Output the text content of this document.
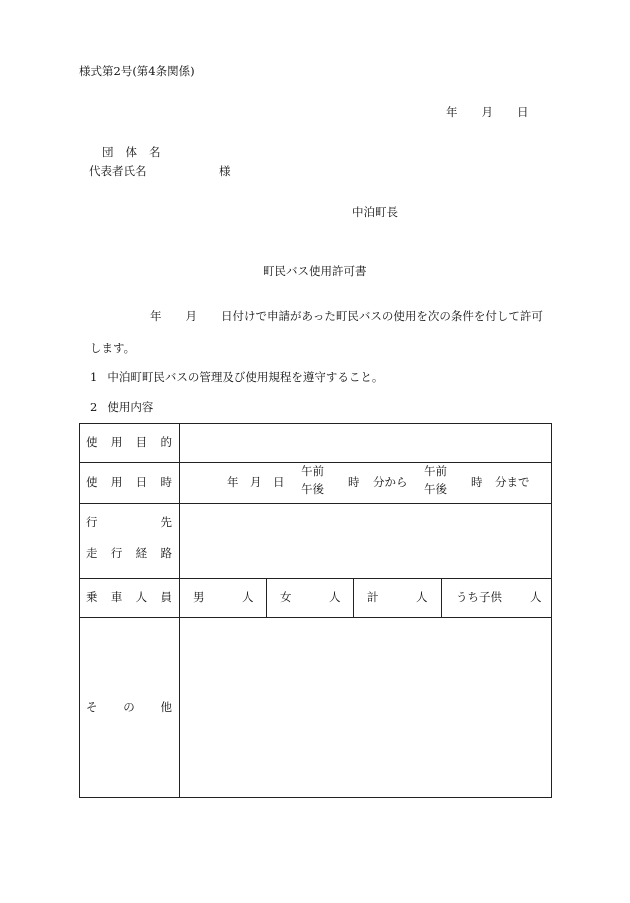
様式第2号(第4条関係)
年 月 日
団 体 名
代表者氏名	様
中泊町長
町民バス使用許可書
年 月 日付けで申請があった町民バスの使用を次の条件を付して許可
します。
1 中泊町町民バスの管理及び使用規程を遵守すること。
2 使用内容
使 用 目 的
使 用 日 時	年 月 日
午前
午後 時 分から
午前
午後 時 分まで
行	先
走 行 経 路
乗 車 人 員 男	人 女	人 計	人 うち子供 人
そ の 他
